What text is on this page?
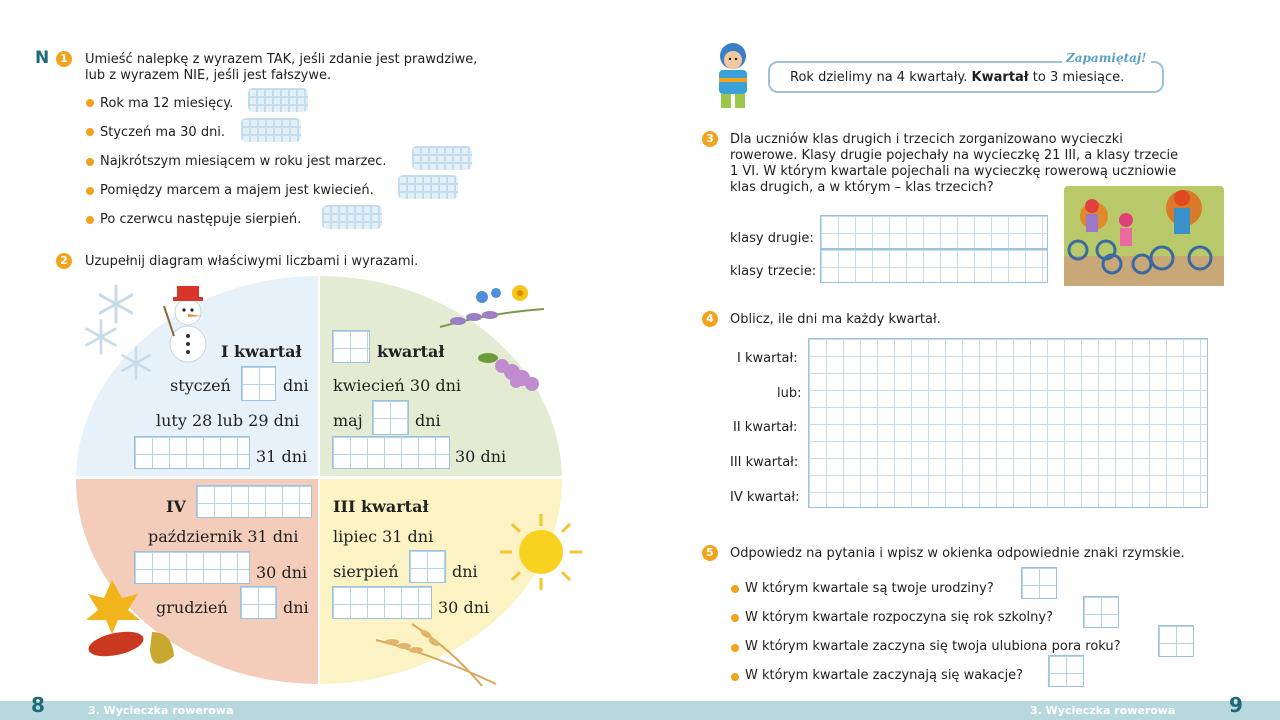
N 1	Umieść nalepkę z wyrazem TAK, jeśli zdanie jest prawdziwe,
lub z wyrazem NIE, jeśli jest fałszywe.
Rok ma 12 miesięcy.
Styczeń ma 30 dni.
Najkrótszym miesiącem w roku jest marzec.
Pomiędzy marcem a majem jest kwiecień.
Po czerwcu następuje sierpień.
2	Uzupełnij diagram właściwymi liczbami i wyrazami.
I kwartał
styczeń	dni
luty 28 lub 29 dni
31 dni
kwartał
kwiecień 30 dni
maj	dni
30 dni
IV
październik 31 dni
30 dni
grudzień	dni
III kwartał
lipiec 31 dni
sierpień	dni
30 dni
Zapamiętaj!
Rok dzielimy na 4 kwartały. Kwartał to 3 miesiące.
3	Dla uczniów klas drugich i trzecich zorganizowano wycieczki
rowerowe. Klasy drugie pojechały na wycieczkę 21 III, a klasy trzecie
1 VI. W którym kwartale pojechali na wycieczkę rowerową uczniowie
klas drugich, a w którym – klas trzecich?
klasy drugie:
klasy trzecie:
4	Oblicz, ile dni ma każdy kwartał.
I kwartał:
lub:
II kwartał:
III kwartał:
IV kwartał:
5	Odpowiedz na pytania i wpisz w okienka odpowiednie znaki rzymskie.
W którym kwartale są twoje urodziny?
W którym kwartale rozpoczyna się rok szkolny?
W którym kwartale zaczyna się twoja ulubiona pora roku?
W którym kwartale zaczynają się wakacje?
8	3. Wycieczka rowerowa	3. Wycieczka rowerowa	9
